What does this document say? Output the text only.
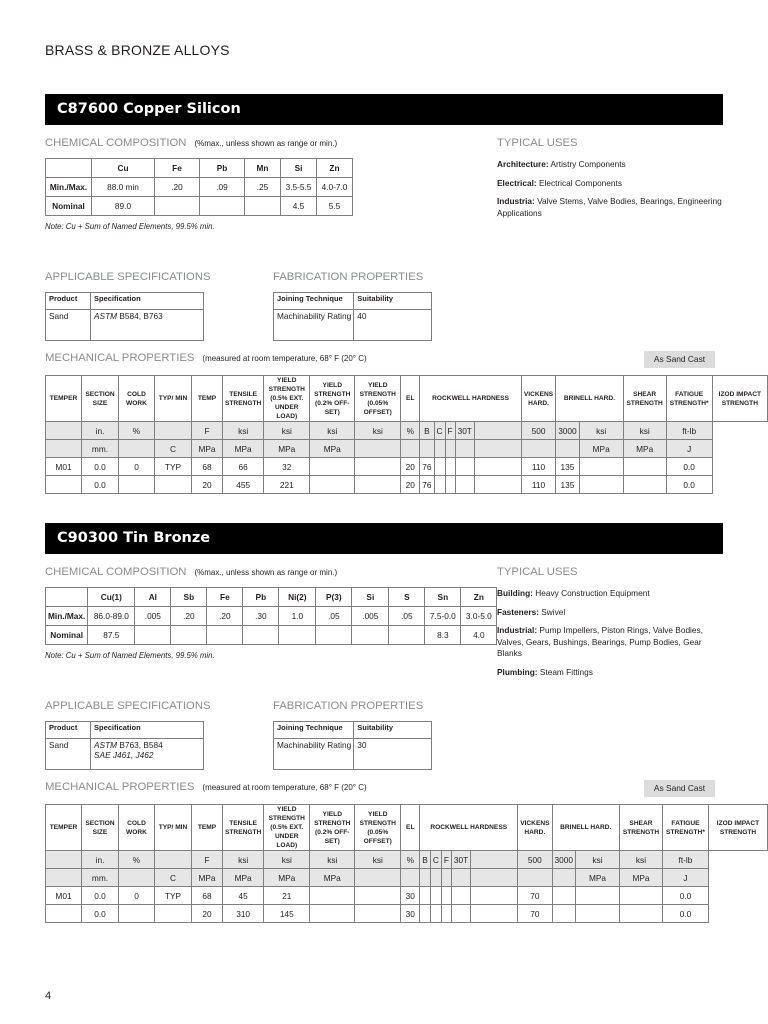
BRASS & BRONZE ALLOYS
C87600 Copper Silicon
CHEMICAL COMPOSITION (%max., unless shown as range or min.)
	Cu	Fe	Pb	Mn	Si	Zn
Min./Max.	88.0 min	.20	.09	.25	3.5-5.5	4.0-7.0
Nominal	89.0				4.5	5.5
Note: Cu + Sum of Named Elements, 99.5% min.
TYPICAL USES
Architecture: Artistry Components
Electrical: Electrical Components
Industria: Valve Stems, Valve Bodies, Bearings, Engineering Applications
APPLICABLE SPECIFICATIONS
Product	Specification
Sand	ASTM B584, B763
FABRICATION PROPERTIES
Joining Technique	Suitability
Machinability Rating	40
MECHANICAL PROPERTIES (measured at room temperature, 68° F (20° C)	As Sand Cast
TEMPER	SECTION SIZE	COLD WORK	TYP/ MIN	TEMP	TENSILE STRENGTH	YIELD STRENGTH (0.5% EXT. UNDER LOAD)	YIELD STRENGTH (0.2% OFF-SET)	YIELD STRENGTH (0.05% OFFSET)	EL	ROCKWELL HARDNESS					VICKENS HARD.	BRINELL HARD.		SHEAR STRENGTH	FATIGUE STRENGTH*	IZOD IMPACT STRENGTH
	in.	%		F	ksi	ksi	ksi	ksi	%	B	C	F	30T		500	3000	ksi	ksi	ft-lb	
	mm.		C	MPa	MPa	MPa	MPa										MPa	MPa	J	
M01	0.0	0	TYP	68	66	32			20	76					110	135			0.0	
	0.0			20	455	221			20	76					110	135			0.0	
C90300 Tin Bronze
CHEMICAL COMPOSITION (%max., unless shown as range or min.)
	Cu(1)	Al	Sb	Fe	Pb	Ni(2)	P(3)	Si	S	Sn	Zn
Min./Max.	86.0-89.0	.005	.20	.20	.30	1.0	.05	.005	.05	7.5-0.0	3.0-5.0
Nominal	87.5									8.3	4.0
Note: Cu + Sum of Named Elements, 99.5% min.
TYPICAL USES
Building: Heavy Construction Equipment
Fasteners: Swivel
Industrial: Pump Impellers, Piston Rings, Valve Bodies, Valves, Gears, Bushings, Bearings, Pump Bodies, Gear Blanks
Plumbing: Steam Fittings
APPLICABLE SPECIFICATIONS
Product	Specification
Sand	ASTM B763, B584
SAE J461, J462
FABRICATION PROPERTIES
Joining Technique	Suitability
Machinability Rating	30
MECHANICAL PROPERTIES (measured at room temperature, 68° F (20° C)	As Sand Cast
TEMPER	SECTION SIZE	COLD WORK	TYP/ MIN	TEMP	TENSILE STRENGTH	YIELD STRENGTH (0.5% EXT. UNDER LOAD)	YIELD STRENGTH (0.2% OFF-SET)	YIELD STRENGTH (0.05% OFFSET)	EL	ROCKWELL HARDNESS					VICKENS HARD.	BRINELL HARD.		SHEAR STRENGTH	FATIGUE STRENGTH*	IZOD IMPACT STRENGTH
	in.	%		F	ksi	ksi	ksi	ksi	%	B	C	F	30T		500	3000	ksi	ksi	ft-lb	
	mm.		C	MPa	MPa	MPa	MPa										MPa	MPa	J	
M01	0.0	0	TYP	68	45	21			30						70				0.0	
	0.0			20	310	145			30						70				0.0	
4
